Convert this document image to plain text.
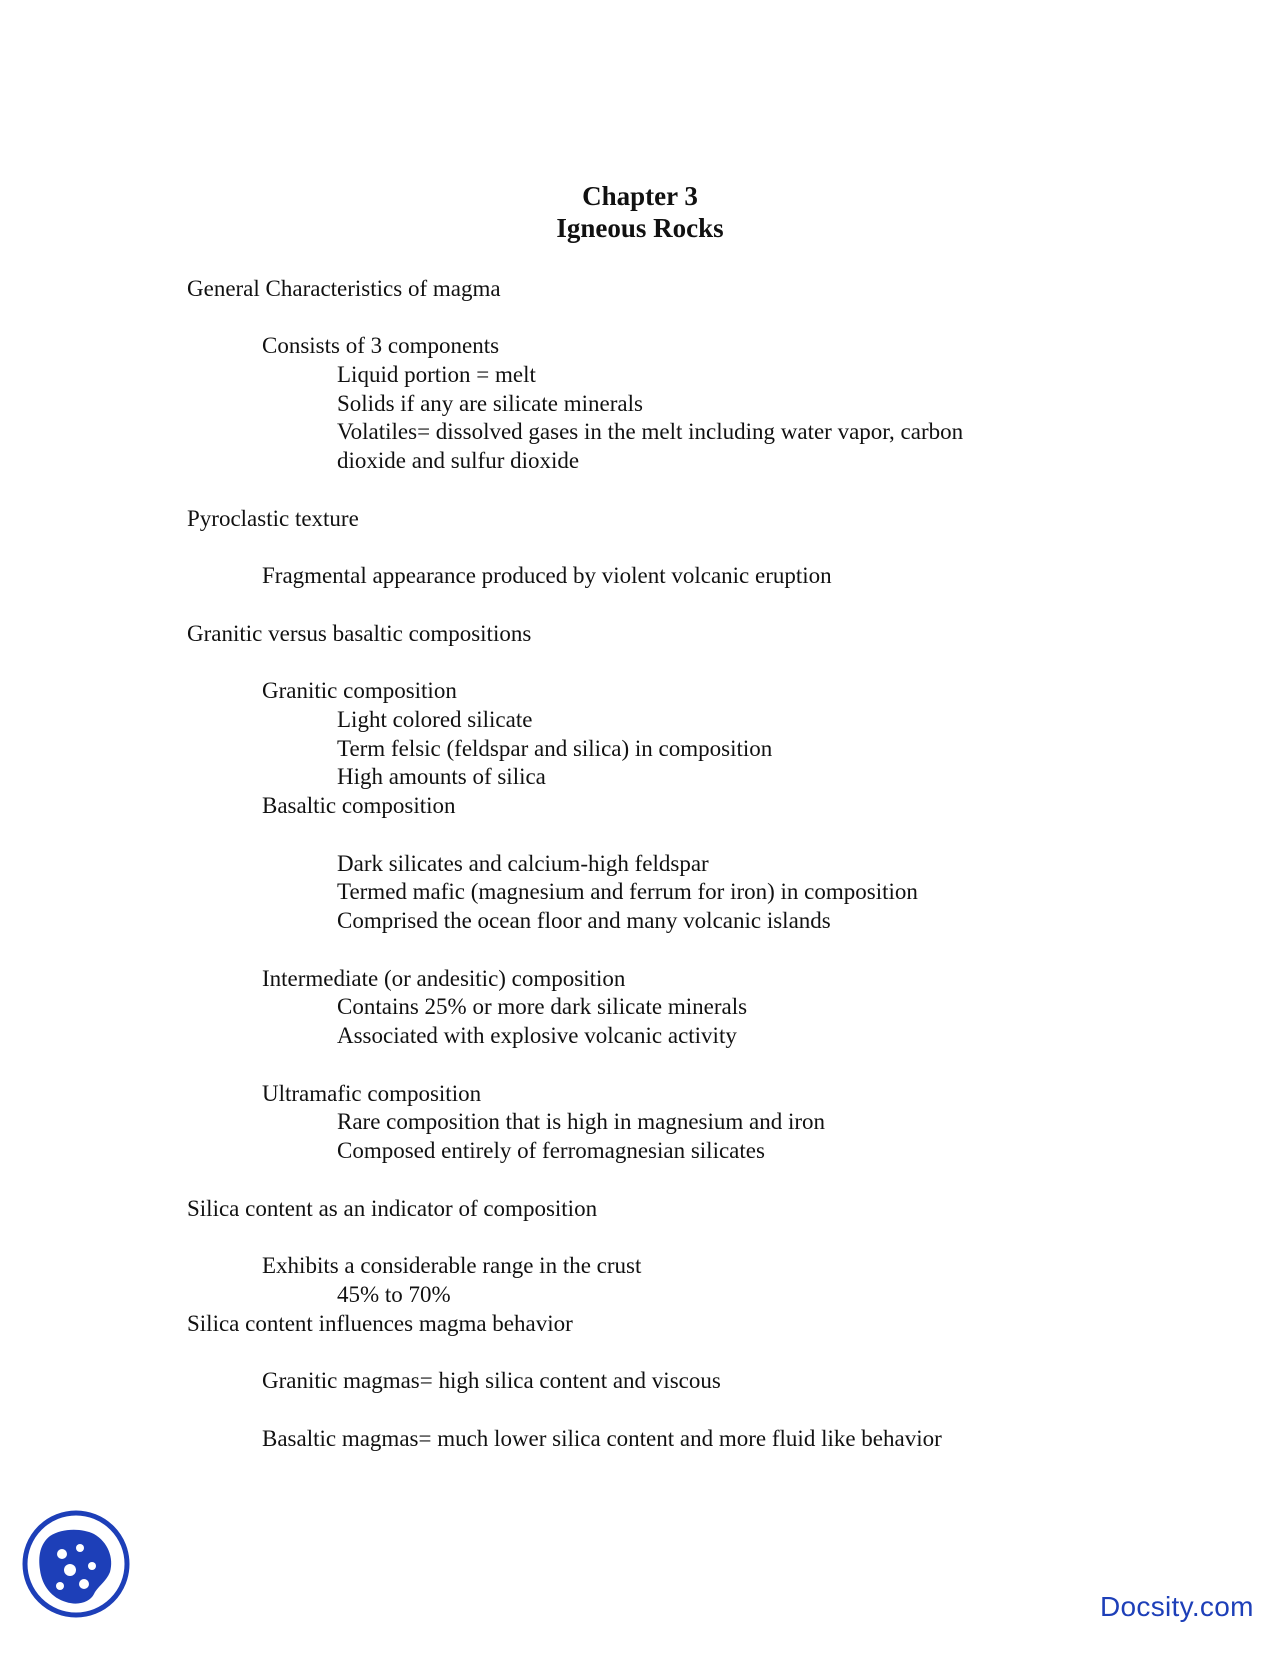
Chapter 3
Igneous Rocks
General Characteristics of magma
Consists of 3 components
Liquid portion = melt
Solids if any are silicate minerals
Volatiles= dissolved gases in the melt including water vapor, carbon
dioxide and sulfur dioxide
Pyroclastic texture
Fragmental appearance produced by violent volcanic eruption
Granitic versus basaltic compositions
Granitic composition
Light colored silicate
Term felsic (feldspar and silica) in composition
High amounts of silica
Basaltic composition
Dark silicates and calcium-high feldspar
Termed mafic (magnesium and ferrum for iron) in composition
Comprised the ocean floor and many volcanic islands
Intermediate (or andesitic) composition
Contains 25% or more dark silicate minerals
Associated with explosive volcanic activity
Ultramafic composition
Rare composition that is high in magnesium and iron
Composed entirely of ferromagnesian silicates
Silica content as an indicator of composition
Exhibits a considerable range in the crust
45% to 70%
Silica content influences magma behavior
Granitic magmas= high silica content and viscous
Basaltic magmas= much lower silica content and more fluid like behavior
Docsity.com
